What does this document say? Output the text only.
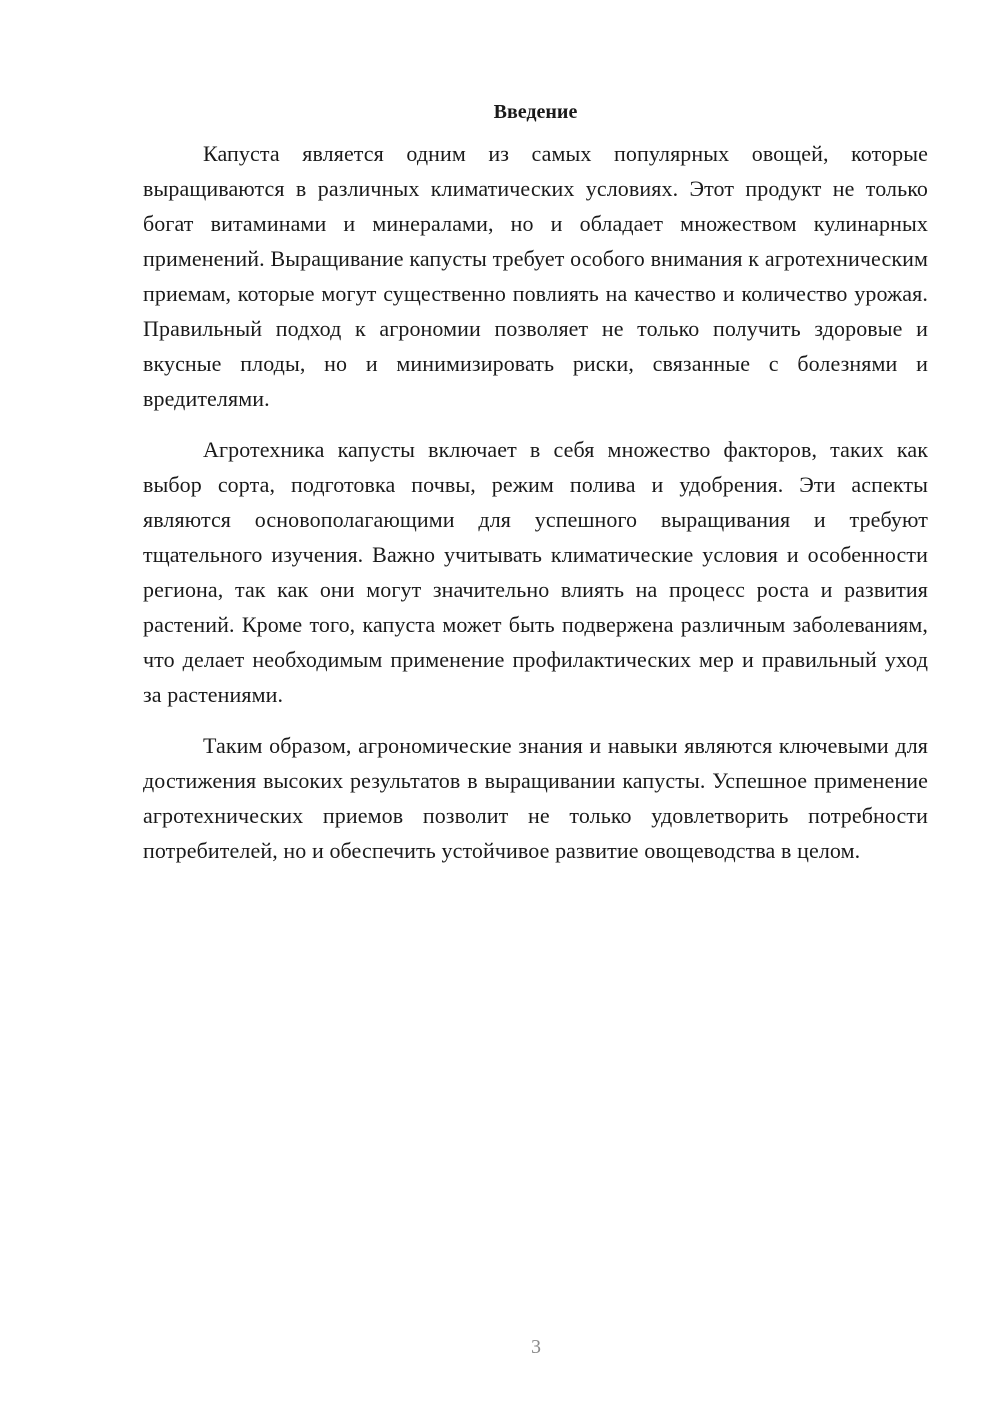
Введение

Капуста является одним из самых популярных овощей, которые выращиваются в различных климатических условиях. Этот продукт не только богат витаминами и минералами, но и обладает множеством кулинарных применений. Выращивание капусты требует особого внимания к агротехническим приемам, которые могут существенно повлиять на качество и количество урожая. Правильный подход к агрономии позволяет не только получить здоровые и вкусные плоды, но и минимизировать риски, связанные с болезнями и вредителями.

Агротехника капусты включает в себя множество факторов, таких как выбор сорта, подготовка почвы, режим полива и удобрения. Эти аспекты являются основополагающими для успешного выращивания и требуют тщательного изучения. Важно учитывать климатические условия и особенности региона, так как они могут значительно влиять на процесс роста и развития растений. Кроме того, капуста может быть подвержена различным заболеваниям, что делает необходимым применение профилактических мер и правильный уход за растениями.

Таким образом, агрономические знания и навыки являются ключевыми для достижения высоких результатов в выращивании капусты. Успешное применение агротехнических приемов позволит не только удовлетворить потребности потребителей, но и обеспечить устойчивое развитие овощеводства в целом.

3
